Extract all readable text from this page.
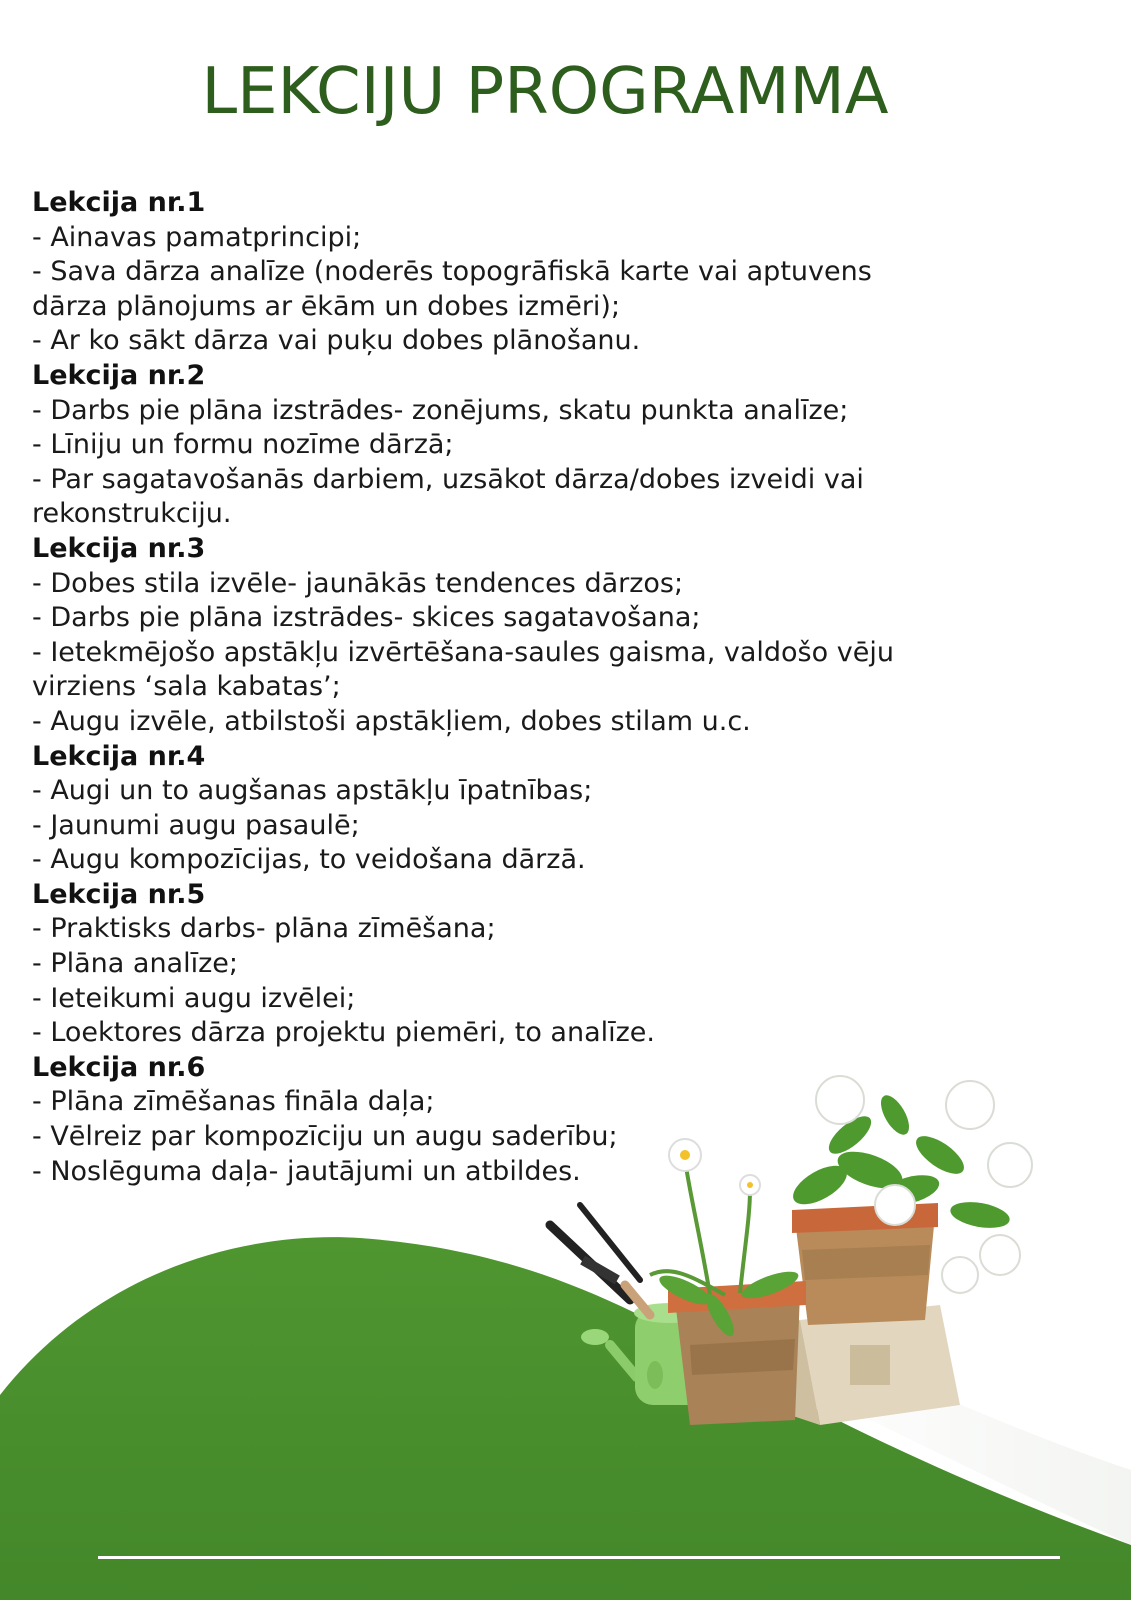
LEKCIJU PROGRAMMA
Lekcija nr.1
- Ainavas pamatprincipi;
- Sava dārza analīze (noderēs topogrāfiskā karte vai aptuvens dārza plānojums ar ēkām un dobes izmēri);
- Ar ko sākt dārza vai puķu dobes plānošanu.
Lekcija nr.2
- Darbs pie plāna izstrādes- zonējums, skatu punkta analīze;
- Līniju un formu nozīme dārzā;
- Par sagatavošanās darbiem, uzsākot dārza/dobes izveidi vai rekonstrukciju.
Lekcija nr.3
- Dobes stila izvēle- jaunākās tendences dārzos;
- Darbs pie plāna izstrādes- skices sagatavošana;
- Ietekmējošo apstākļu izvērtēšana-saules gaisma, valdošo vēju virziens ‘sala kabatas’;
- Augu izvēle, atbilstoši apstākļiem, dobes stilam u.c.
Lekcija nr.4
- Augi un to augšanas apstākļu īpatnības;
- Jaunumi augu pasaulē;
- Augu kompozīcijas, to veidošana dārzā.
Lekcija nr.5
- Praktisks darbs- plāna zīmēšana;
- Plāna analīze;
- Ieteikumi augu izvēlei;
- Loektores dārza projektu piemēri, to analīze.
Lekcija nr.6
- Plāna zīmēšanas fināla daļa;
- Vēlreiz par kompozīciju un augu saderību;
- Noslēguma daļa- jautājumi un atbildes.
